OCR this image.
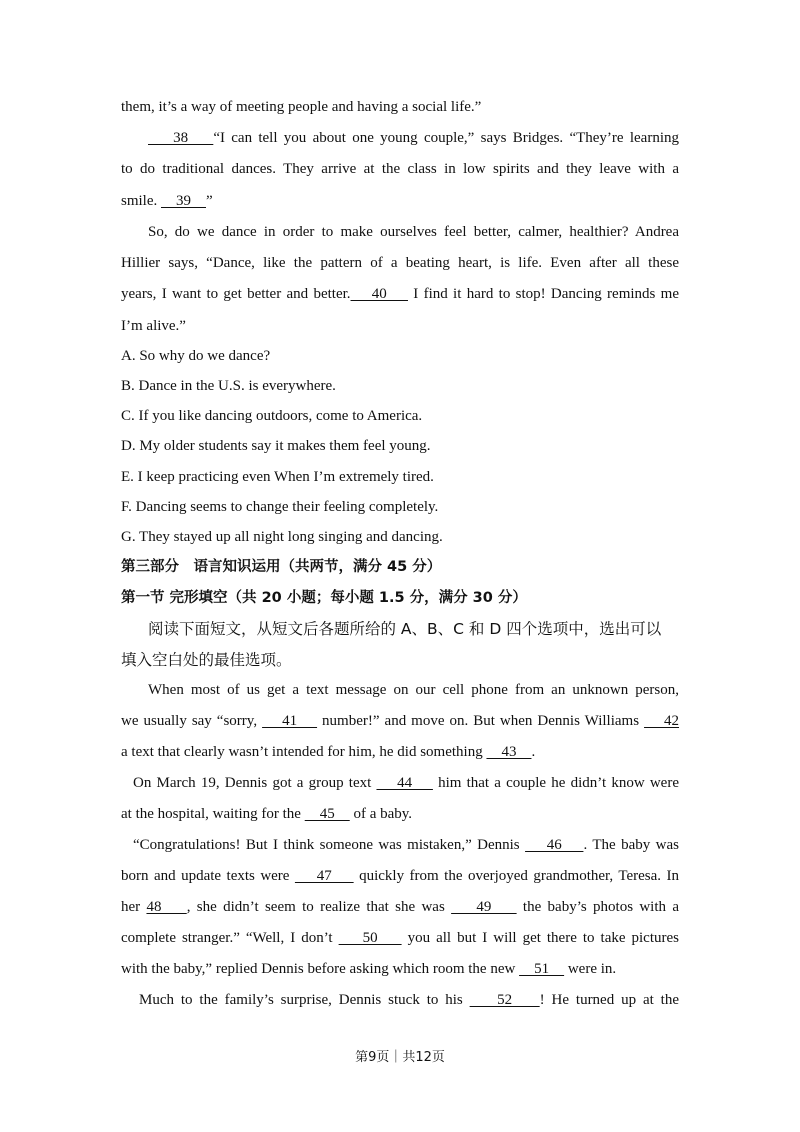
them, it’s a way of meeting people and having a social life.”
38    “I can tell you about one young couple,” says Bridges. “They’re learning
to do traditional dances. They arrive at the class in low spirits and they leave with a
smile.     39    ”
So, do we dance in order to make ourselves feel better, calmer, healthier? Andrea
Hillier says, “Dance, like the pattern of a beating heart, is life. Even after all these
years, I want to get better and better.    40     I find it hard to stop! Dancing reminds me
I’m alive.”
A. So why do we dance?
B. Dance in the U.S. is everywhere.
C. If you like dancing outdoors, come to America.
D. My older students say it makes them feel young.
E. I keep practicing even When I’m extremely tired.
F. Dancing seems to change their feeling completely.
G. They stayed up all night long singing and dancing.
第三部分　语言知识运用（共两节，满分 45 分）
第一节 完形填空（共 20 小题；每小题 1.5 分，满分 30 分）
阅读下面短文，从短文后各题所给的 A、B、C 和 D 四个选项中，选出可以
填入空白处的最佳选项。
When most of us get a text message on our cell phone from an unknown person,
we usually say “sorry,     41     number!” and move on. But when Dennis Williams     42
a text that clearly wasn’t intended for him, he did something     43    .
On March 19, Dennis got a group text     44     him that a couple he didn’t know were
at the hospital, waiting for the     45     of a baby.
“Congratulations! But I think someone was mistaken,” Dennis     46    . The baby was
born and update texts were     47     quickly from the overjoyed grandmother, Teresa. In
her 48    , she didn’t seem to realize that she was     49     the baby’s photos with a
complete stranger.” “Well, I don’t     50     you all but I will get there to take pictures
with the baby,” replied Dennis before asking which room the new     51     were in.
Much to the family’s surprise, Dennis stuck to his     52    ! He turned up at the
第9页｜共12页
